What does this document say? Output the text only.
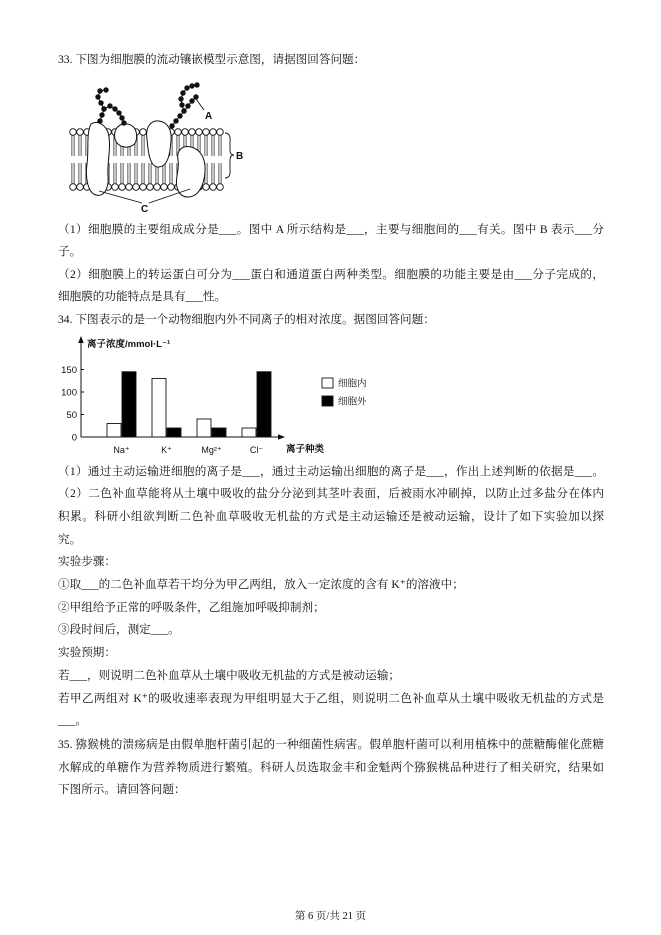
33. 下图为细胞膜的流动镶嵌模型示意图，请据图回答问题：
A
B
C
（1）细胞膜的主要组成成分是___。图中 A 所示结构是___，主要与细胞间的___有关。图中 B 表示___分
子。
（2）细胞膜上的转运蛋白可分为___蛋白和通道蛋白两种类型。细胞膜的功能主要是由___分子完成的，
细胞膜的功能特点是具有___性。
34. 下图表示的是一个动物细胞内外不同离子的相对浓度。据图回答问题：
0
50
100
150
Na⁺	K⁺	Mg²⁺	Cl⁻
细胞内
细胞外
离子浓度/mmol·L⁻¹
离子种类
（1）通过主动运输进细胞的离子是___，通过主动运输出细胞的离子是___，作出上述判断的依据是___。
（2）二色补血草能将从土壤中吸收的盐分分泌到其茎叶表面，后被雨水冲刷掉，以防止过多盐分在体内
积累。科研小组欲判断二色补血草吸收无机盐的方式是主动运输还是被动运输，设计了如下实验加以探
究。
实验步骤：
①取___的二色补血草若干均分为甲乙两组，放入一定浓度的含有 K⁺的溶液中；
②甲组给予正常的呼吸条件，乙组施加呼吸抑制剂；
③段时间后，测定___。
实验预期：
若___，则说明二色补血草从土壤中吸收无机盐的方式是被动运输；
若甲乙两组对 K⁺的吸收速率表现为甲组明显大于乙组，则说明二色补血草从土壤中吸收无机盐的方式是
___。
35. 猕猴桃的溃疡病是由假单胞杆菌引起的一种细菌性病害。假单胞杆菌可以利用植株中的蔗糖酶催化蔗糖
水解成的单糖作为营养物质进行繁殖。科研人员选取金丰和金魁两个猕猴桃品种进行了相关研究，结果如
下图所示。请回答问题：
第 6 页/共 21 页
